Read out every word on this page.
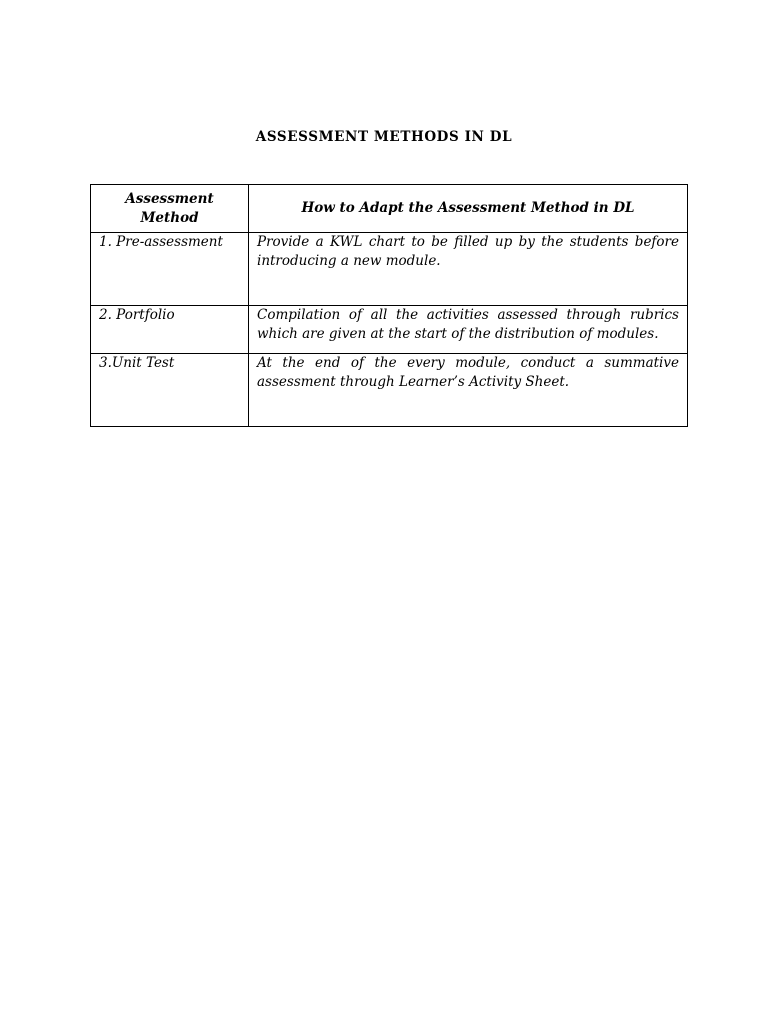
ASSESSMENT METHODS IN DL
Assessment Method	How to Adapt the Assessment Method in DL

1. Pre-assessment	Provide a KWL chart to be filled up by the students before introducing a new module.
2. Portfolio	Compilation of all the activities assessed through rubrics which are given at the start of the distribution of modules.
3.Unit Test	At the end of the every module, conduct a summative assessment through Learner’s Activity Sheet.
